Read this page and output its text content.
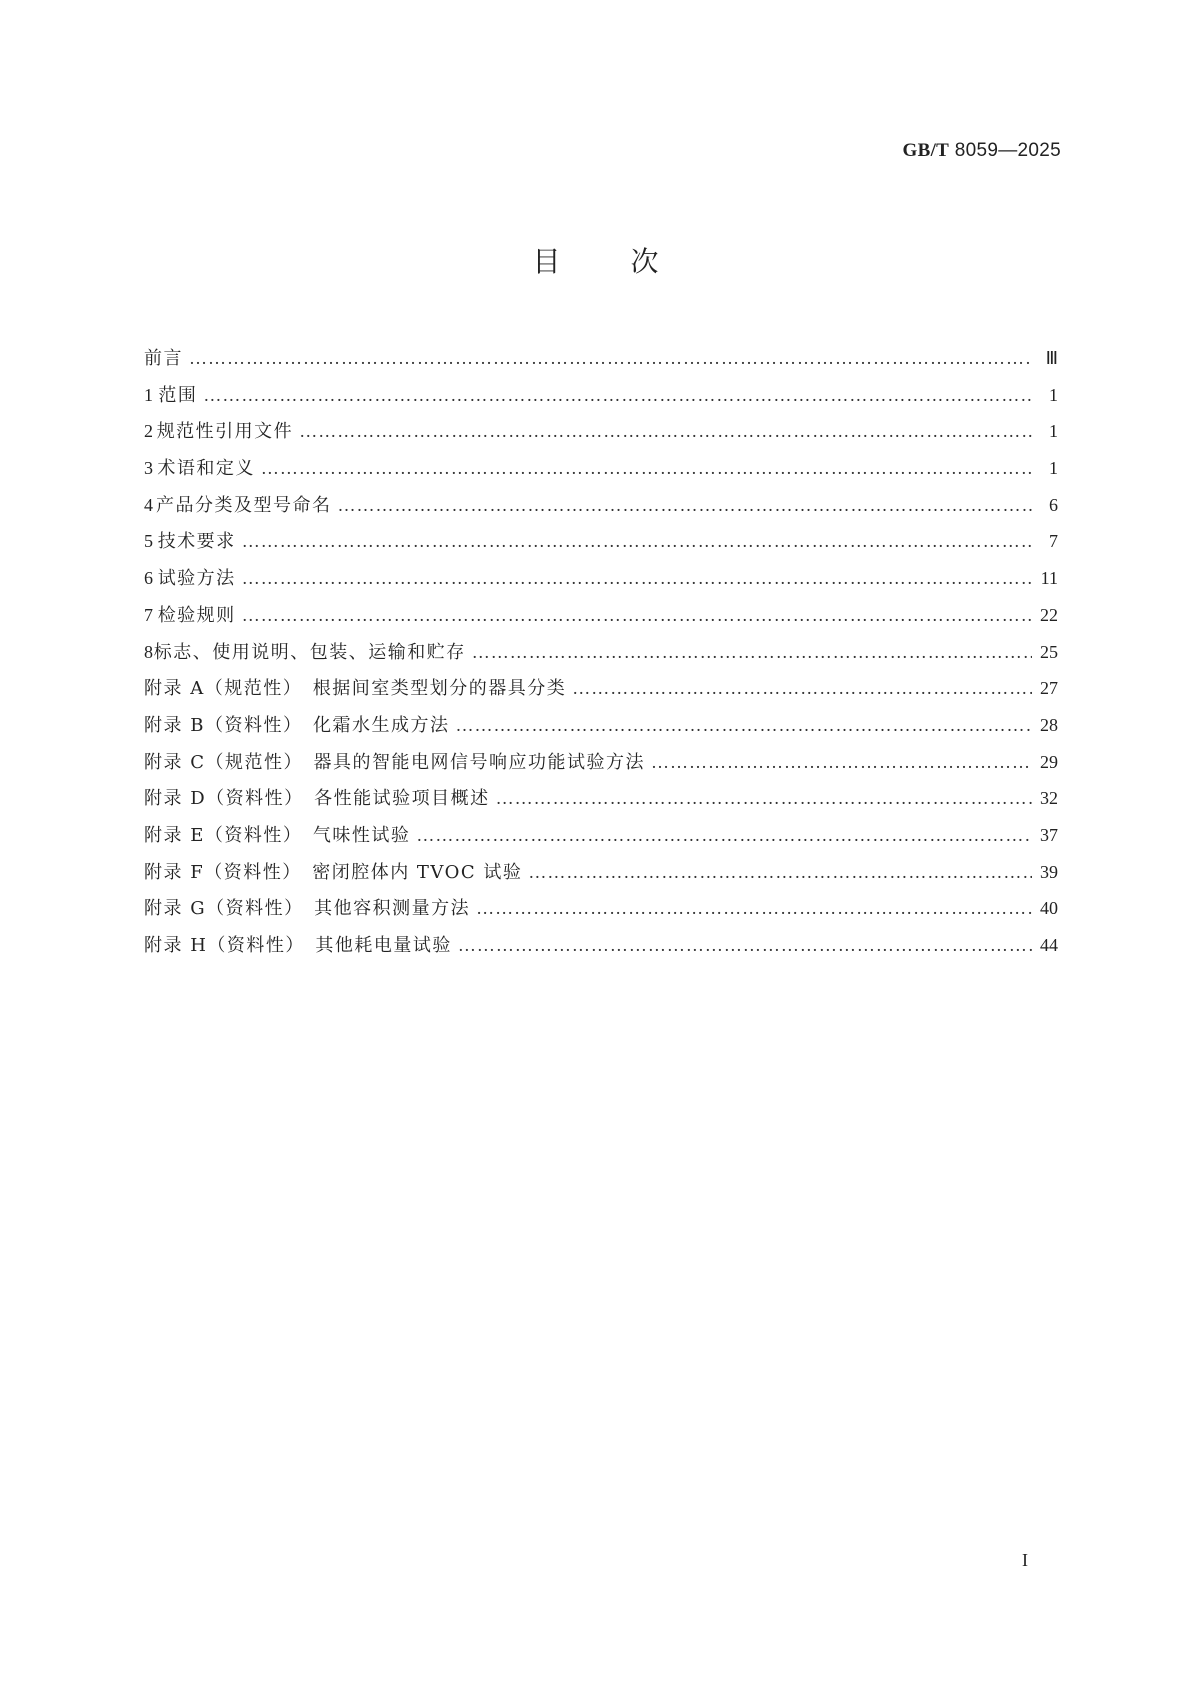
GB/T 8059—2025
目次
前言 …………………………………………………………………………………………………………………………………………………………………………………………………………………	Ⅲ
1 范围 …………………………………………………………………………………………………………………………………………………………………………………………………………………	1
2 规范性引用文件 …………………………………………………………………………………………………………………………………………………………………………………………………………………	1
3 术语和定义 …………………………………………………………………………………………………………………………………………………………………………………………………………………	1
4 产品分类及型号命名 …………………………………………………………………………………………………………………………………………………………………………………………………………………	6
5 技术要求 …………………………………………………………………………………………………………………………………………………………………………………………………………………	7
6 试验方法 …………………………………………………………………………………………………………………………………………………………………………………………………………………	11
7 检验规则 …………………………………………………………………………………………………………………………………………………………………………………………………………………	22
8 标志、使用说明、包装、运输和贮存 …………………………………………………………………………………………………………………………………………………………………………………………………………………	25
附录 A（规范性）　根据间室类型划分的器具分类 …………………………………………………………………………………………………………………………………………………………………………………………………………………	27
附录 B（资料性）　化霜水生成方法 …………………………………………………………………………………………………………………………………………………………………………………………………………………	28
附录 C（规范性）　器具的智能电网信号响应功能试验方法 …………………………………………………………………………………………………………………………………………………………………………………………………………………	29
附录 D（资料性）　各性能试验项目概述 …………………………………………………………………………………………………………………………………………………………………………………………………………………	32
附录 E（资料性）　气味性试验 …………………………………………………………………………………………………………………………………………………………………………………………………………………	37
附录 F（资料性）　密闭腔体内 TVOC 试验 …………………………………………………………………………………………………………………………………………………………………………………………………………………	39
附录 G（资料性）　其他容积测量方法 …………………………………………………………………………………………………………………………………………………………………………………………………………………	40
附录 H（资料性）　其他耗电量试验 …………………………………………………………………………………………………………………………………………………………………………………………………………………	44
I
